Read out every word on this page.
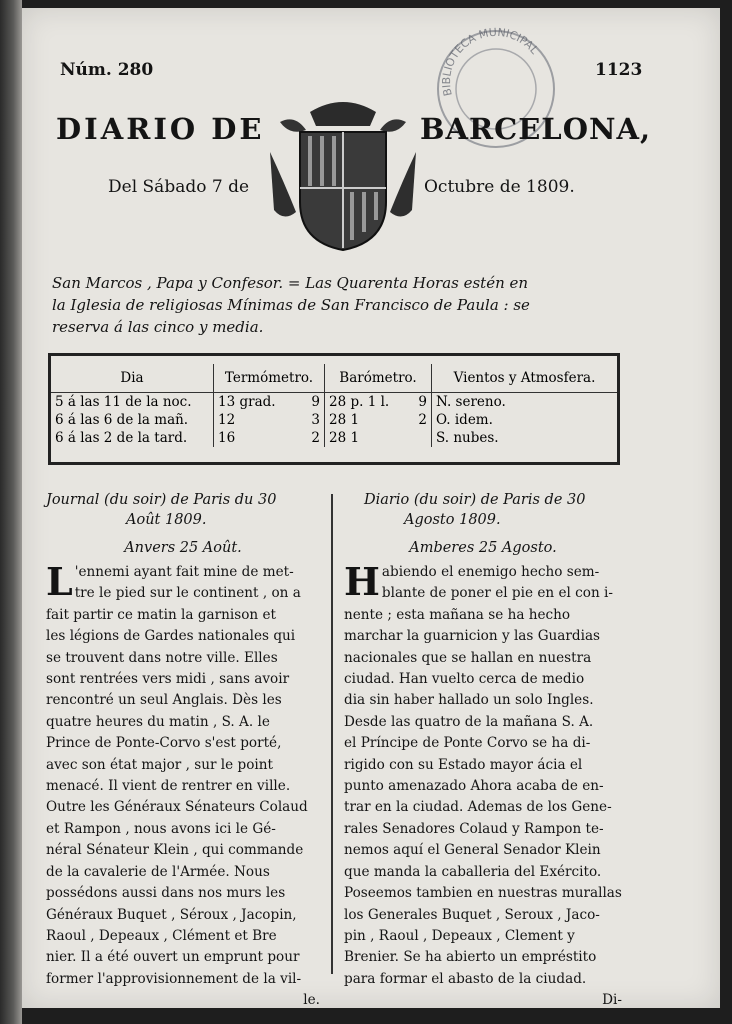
Núm. 280	1123
BIBLIOTECA MUNICIPAL
DIARIO DE	BARCELONA,
Del Sábado 7 de	Octubre de 1809.
San Marcos , Papa y Confesor. = Las Quarenta Horas estén en
la Iglesia de religiosas Mínimas de San Francisco de Paula : se
reserva á las cinco y media.
Dia	Termómetro.	Barómetro.	Vientos y Atmosfera.
5 á las 11 de la noc.	13 grad. 9	28 p. 1 l. 9	N. sereno.
6 á las 6 de la mañ.	12 3	28 1 2	O. idem.
6 á las 2 de la tard.	16 2	28 1	S. nubes.
Journal (du soir) de Paris du 30
Août 1809.
Anvers 25 Août.
L 'ennemi ayant fait mine de met-
tre le pied sur le continent , on a
fait partir ce matin la garnison et
les légions de Gardes nationales qui
se trouvent dans notre ville. Elles
sont rentrées vers midi , sans avoir
rencontré un seul Anglais. Dès les
quatre heures du matin , S. A. le
Prince de Ponte-Corvo s'est porté,
avec son état major , sur le point
menacé. Il vient de rentrer en ville.
Outre les Généraux Sénateurs Colaud
et Rampon , nous avons ici le Gé-
néral Sénateur Klein , qui commande
de la cavalerie de l'Armée. Nous
possédons aussi dans nos murs les
Généraux Buquet , Séroux , Jacopin,
Raoul , Depeaux , Clément et Bre
nier. Il a été ouvert un emprunt pour
former l'approvisionnement de la vil-
le.
Diario (du soir) de Paris de 30
Agosto 1809.
Amberes 25 Agosto.
H abiendo el enemigo hecho sem-
blante de poner el pie en el con i-
nente ; esta mañana se ha hecho
marchar la guarnicion y las Guardias
nacionales que se hallan en nuestra
ciudad. Han vuelto cerca de medio
dia sin haber hallado un solo Ingles.
Desde las quatro de la mañana S. A.
el Príncipe de Ponte Corvo se ha di-
rigido con su Estado mayor ácia el
punto amenazado Ahora acaba de en-
trar en la ciudad. Ademas de los Gene-
rales Senadores Colaud y Rampon te-
nemos aquí el General Senador Klein
que manda la caballeria del Exército.
Poseemos tambien en nuestras murallas
los Generales Buquet , Seroux , Jaco-
pin , Raoul , Depeaux , Clement y
Brenier. Se ha abierto un empréstito
para formar el abasto de la ciudad.
Di-
